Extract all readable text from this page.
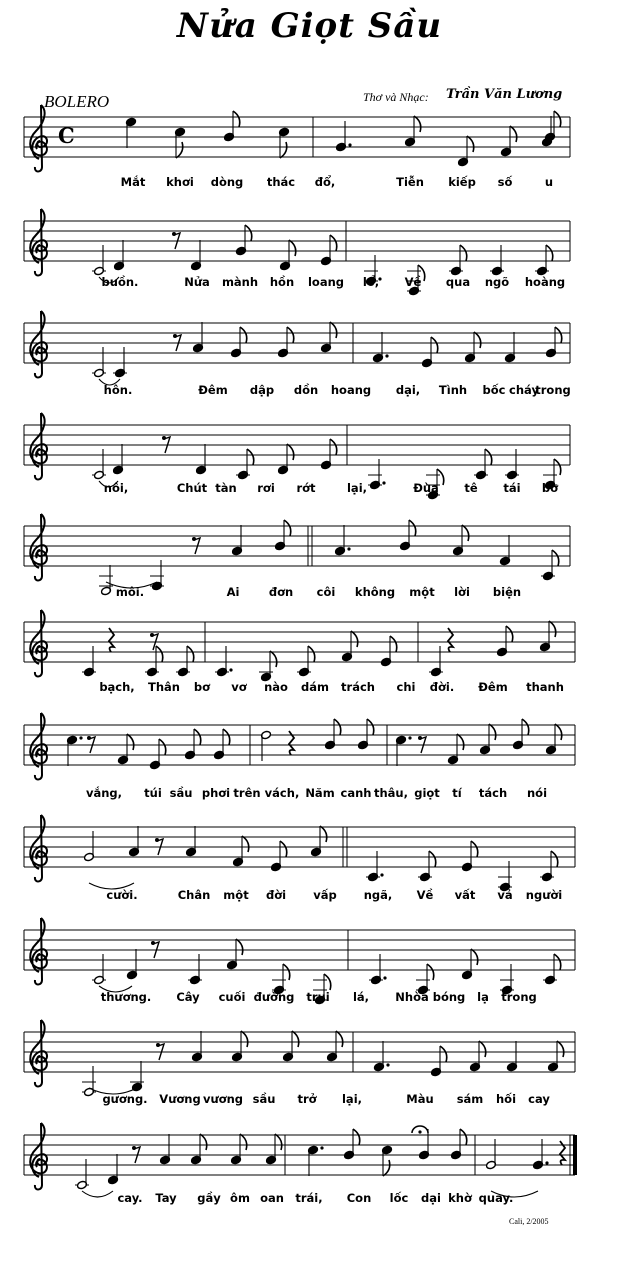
Nửa Giọt Sầu
BOLERO	Thơ và Nhạc: Trần Văn Lương
C
Mắt khơi dòng thác đổ,	Tiễn kiếp số	u
buồn.	Nửa mành hồn loang lổ, Về qua ngõ hoàng
hôn.	Đêm dập dồn hoang dại, Tình bốc cháy
trong
nôi,	Chút tàn rơi rớt	lại,	Đùa tê tái bờ
môi.	Ai	đơn côi không một lời biện
bạch, Thân bơ vơ nào dám trách chi đời. Đêm thanh
vắng, túi sầu phơi trên vách, Năm canh thâu, giọt tí tách nói
cười.	Chân một đời vấp ngã, Về vất vả người
thương. Cây cuối đường trụi lá, Nhòa bóng lạ trong
gương. Vương vương sầu trở lại,	Màu sám hối cay
cay. Tay gầy ôm oan trái, Con lốc dại khờ quay.
Cali, 2/2005
